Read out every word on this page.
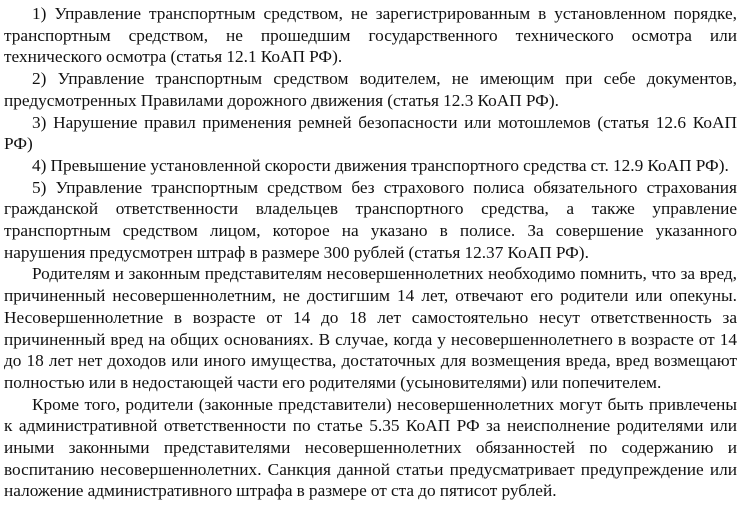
1) Управление транспортным средством, не зарегистрированным в установленном порядке, транспортным средством, не прошедшим государственного технического осмотра или технического осмотра (статья 12.1 КоАП РФ).

2) Управление транспортным средством водителем, не имеющим при себе документов, предусмотренных Правилами дорожного движения (статья 12.3 КоАП РФ).

3) Нарушение правил применения ремней безопасности или мотошлемов (статья 12.6 КоАП РФ)

4) Превышение установленной скорости движения транспортного средства ст. 12.9 КоАП РФ).

5) Управление транспортным средством без страхового полиса обязательного страхования гражданской ответственности владельцев транспортного средства, а также управление транспортным средством лицом, которое на указано в полисе. За совершение указанного нарушения предусмотрен штраф в размере 300 рублей (статья 12.37 КоАП РФ).

Родителям и законным представителям несовершеннолетних необходимо помнить, что за вред, причиненный несовершеннолетним, не достигшим 14 лет, отвечают его родители или опекуны. Несовершеннолетние в возрасте от 14 до 18 лет самостоятельно несут ответственность за причиненный вред на общих основаниях. В случае, когда у несовершеннолетнего в возрасте от 14 до 18 лет нет доходов или иного имущества, достаточных для возмещения вреда, вред возмещают полностью или в недостающей части его родителями (усыновителями) или попечителем.

Кроме того, родители (законные представители) несовершеннолетних могут быть привлечены к административной ответственности по статье 5.35 КоАП РФ за неисполнение родителями или иными законными представителями несовершеннолетних обязанностей по содержанию и воспитанию несовершеннолетних. Санкция данной статьи предусматривает предупреждение или наложение административного штрафа в размере от ста до пятисот рублей.
